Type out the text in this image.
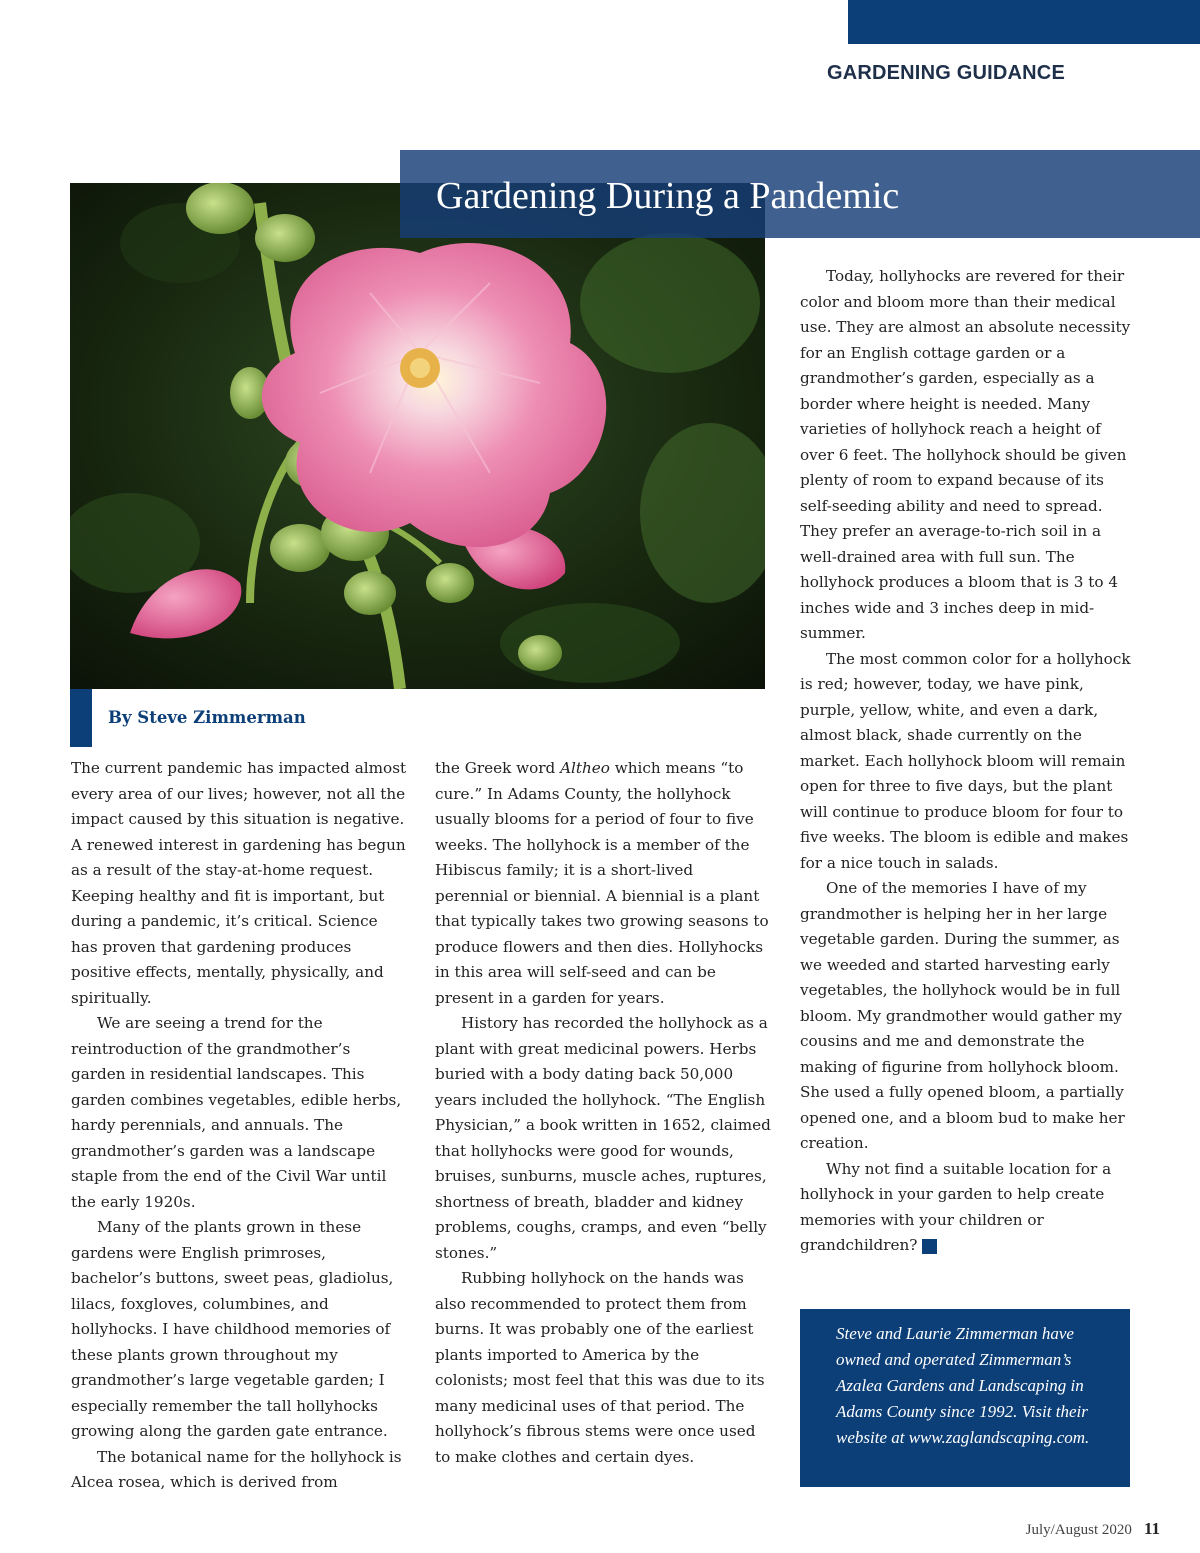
GARDENING GUIDANCE
Gardening During a Pandemic
By Steve Zimmerman

The current pandemic has impacted almost every area of our lives; however, not all the impact caused by this situation is negative. A renewed interest in gardening has begun as a result of the stay-at-home request. Keeping healthy and fit is important, but during a pandemic, it’s critical. Science has proven that gardening produces positive effects, mentally, physically, and spiritually.

We are seeing a trend for the reintroduction of the grandmother’s garden in residential landscapes. This garden combines vegetables, edible herbs, hardy perennials, and annuals. The grandmother’s garden was a landscape staple from the end of the Civil War until the early 1920s.

Many of the plants grown in these gardens were English primroses, bachelor’s buttons, sweet peas, gladiolus, lilacs, foxgloves, columbines, and hollyhocks. I have childhood memories of these plants grown throughout my grandmother’s large vegetable garden; I especially remember the tall hollyhocks growing along the garden gate entrance.

The botanical name for the hollyhock is Alcea rosea, which is derived from

the Greek word Altheo which means “to cure.” In Adams County, the hollyhock usually blooms for a period of four to five weeks. The hollyhock is a member of the Hibiscus family; it is a short-lived perennial or biennial. A biennial is a plant that typically takes two growing seasons to produce flowers and then dies. Hollyhocks in this area will self-seed and can be present in a garden for years.

History has recorded the hollyhock as a plant with great medicinal powers. Herbs buried with a body dating back 50,000 years included the hollyhock. “The English Physician,” a book written in 1652, claimed that hollyhocks were good for wounds, bruises, sunburns, muscle aches, ruptures, shortness of breath, bladder and kidney problems, coughs, cramps, and even “belly stones.”

Rubbing hollyhock on the hands was also recommended to protect them from burns. It was probably one of the earliest plants imported to America by the colonists; most feel that this was due to its many medicinal uses of that period. The hollyhock’s fibrous stems were once used to make clothes and certain dyes.

Today, hollyhocks are revered for their color and bloom more than their medical use. They are almost an absolute necessity for an English cottage garden or a grandmother’s garden, especially as a border where height is needed. Many varieties of hollyhock reach a height of over 6 feet. The hollyhock should be given plenty of room to expand because of its self-seeding ability and need to spread. They prefer an average-to-rich soil in a well-drained area with full sun. The hollyhock produces a bloom that is 3 to 4 inches wide and 3 inches deep in mid-summer.

The most common color for a hollyhock is red; however, today, we have pink, purple, yellow, white, and even a dark, almost black, shade currently on the market. Each hollyhock bloom will remain open for three to five days, but the plant will continue to produce bloom for four to five weeks. The bloom is edible and makes for a nice touch in salads.

One of the memories I have of my grandmother is helping her in her large vegetable garden. During the summer, as we weeded and started harvesting early vegetables, the hollyhock would be in full bloom. My grandmother would gather my cousins and me and demonstrate the making of figurine from hollyhock bloom. She used a fully opened bloom, a partially opened one, and a bloom bud to make her creation.

Why not find a suitable location for a hollyhock in your garden to help create memories with your children or grandchildren?	G

Steve and Laurie Zimmerman have owned and operated Zimmerman’s Azalea Gardens and Landscaping in Adams County since 1992. Visit their website at www.zaglandscaping.com.
July/August 2020 11
